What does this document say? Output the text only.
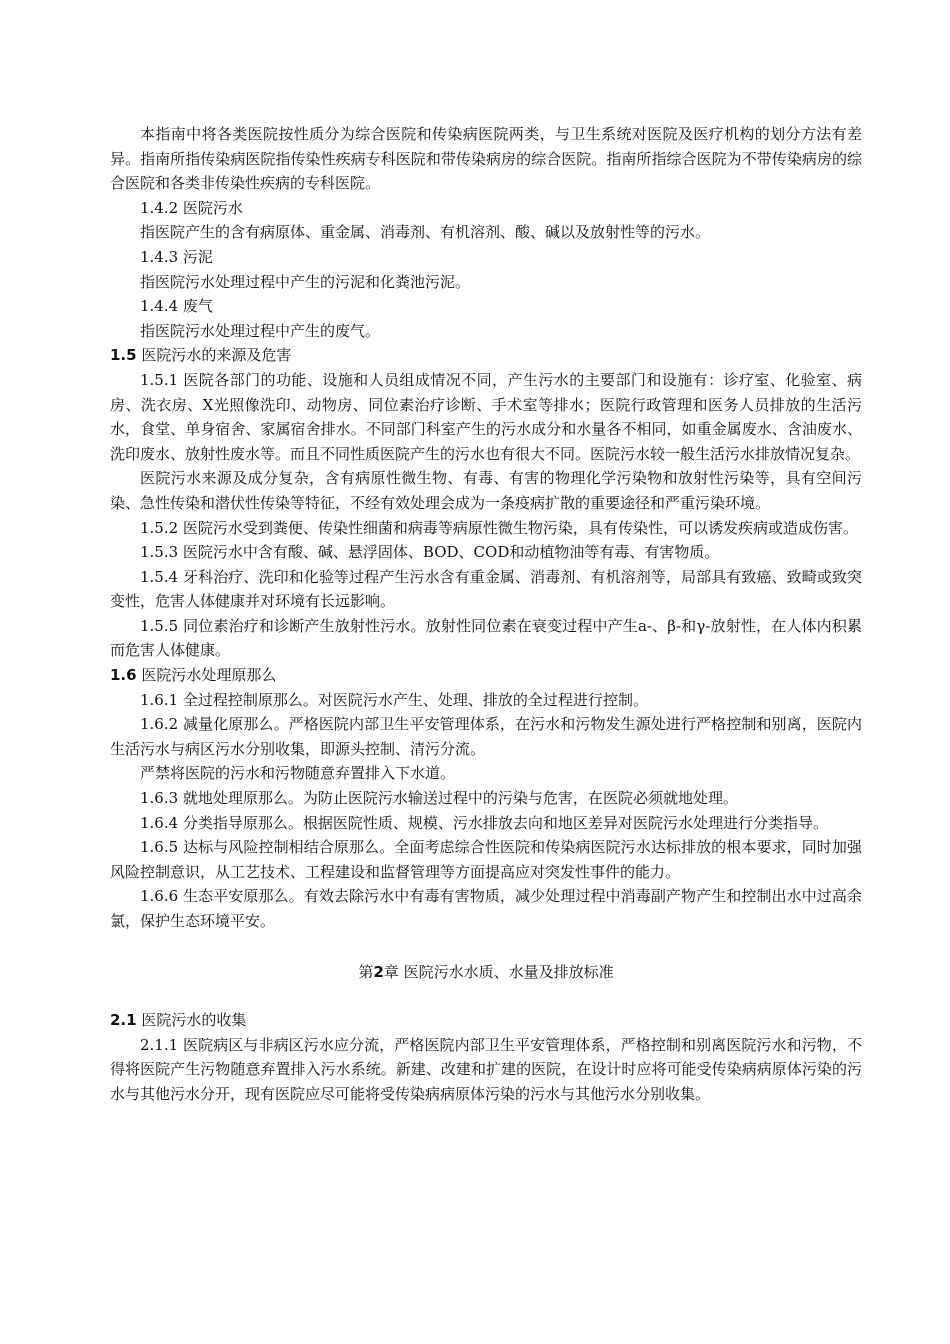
本指南中将各类医院按性质分为综合医院和传染病医院两类，与卫生系统对医院及医疗机构的划分方法有差异。指南所指传染病医院指传染性疾病专科医院和带传染病房的综合医院。指南所指综合医院为不带传染病房的综合医院和各类非传染性疾病的专科医院。

1.4.2 医院污水

指医院产生的含有病原体、重金属、消毒剂、有机溶剂、酸、碱以及放射性等的污水。

1.4.3 污泥

指医院污水处理过程中产生的污泥和化粪池污泥。

1.4.4 废气

指医院污水处理过程中产生的废气。

1.5 医院污水的来源及危害

1.5.1 医院各部门的功能、设施和人员组成情况不同，产生污水的主要部门和设施有：诊疗室、化验室、病房、洗衣房、X光照像洗印、动物房、同位素治疗诊断、手术室等排水；医院行政管理和医务人员排放的生活污水，食堂、单身宿舍、家属宿舍排水。不同部门科室产生的污水成分和水量各不相同，如重金属废水、含油废水、洗印废水、放射性废水等。而且不同性质医院产生的污水也有很大不同。医院污水较一般生活污水排放情况复杂。

医院污水来源及成分复杂，含有病原性微生物、有毒、有害的物理化学污染物和放射性污染等，具有空间污染、急性传染和潜伏性传染等特征，不经有效处理会成为一条疫病扩散的重要途径和严重污染环境。

1.5.2 医院污水受到粪便、传染性细菌和病毒等病原性微生物污染，具有传染性，可以诱发疾病或造成伤害。

1.5.3 医院污水中含有酸、碱、悬浮固体、BOD、COD和动植物油等有毒、有害物质。

1.5.4 牙科治疗、洗印和化验等过程产生污水含有重金属、消毒剂、有机溶剂等，局部具有致癌、致畸或致突变性，危害人体健康并对环境有长远影响。

1.5.5 同位素治疗和诊断产生放射性污水。放射性同位素在衰变过程中产生a-、β-和γ-放射性，在人体内积累而危害人体健康。

1.6 医院污水处理原那么

1.6.1 全过程控制原那么。对医院污水产生、处理、排放的全过程进行控制。

1.6.2 减量化原那么。严格医院内部卫生平安管理体系，在污水和污物发生源处进行严格控制和别离，医院内生活污水与病区污水分别收集，即源头控制、清污分流。

严禁将医院的污水和污物随意弃置排入下水道。

1.6.3 就地处理原那么。为防止医院污水输送过程中的污染与危害，在医院必须就地处理。

1.6.4 分类指导原那么。根据医院性质、规模、污水排放去向和地区差异对医院污水处理进行分类指导。

1.6.5 达标与风险控制相结合原那么。全面考虑综合性医院和传染病医院污水达标排放的根本要求，同时加强风险控制意识，从工艺技术、工程建设和监督管理等方面提高应对突发性事件的能力。

1.6.6 生态平安原那么。有效去除污水中有毒有害物质，减少处理过程中消毒副产物产生和控制出水中过高余氯，保护生态环境平安。

第2章 医院污水水质、水量及排放标准

2.1 医院污水的收集

2.1.1 医院病区与非病区污水应分流，严格医院内部卫生平安管理体系，严格控制和别离医院污水和污物，不得将医院产生污物随意弃置排入污水系统。新建、改建和扩建的医院，在设计时应将可能受传染病病原体污染的污水与其他污水分开，现有医院应尽可能将受传染病病原体污染的污水与其他污水分别收集。
